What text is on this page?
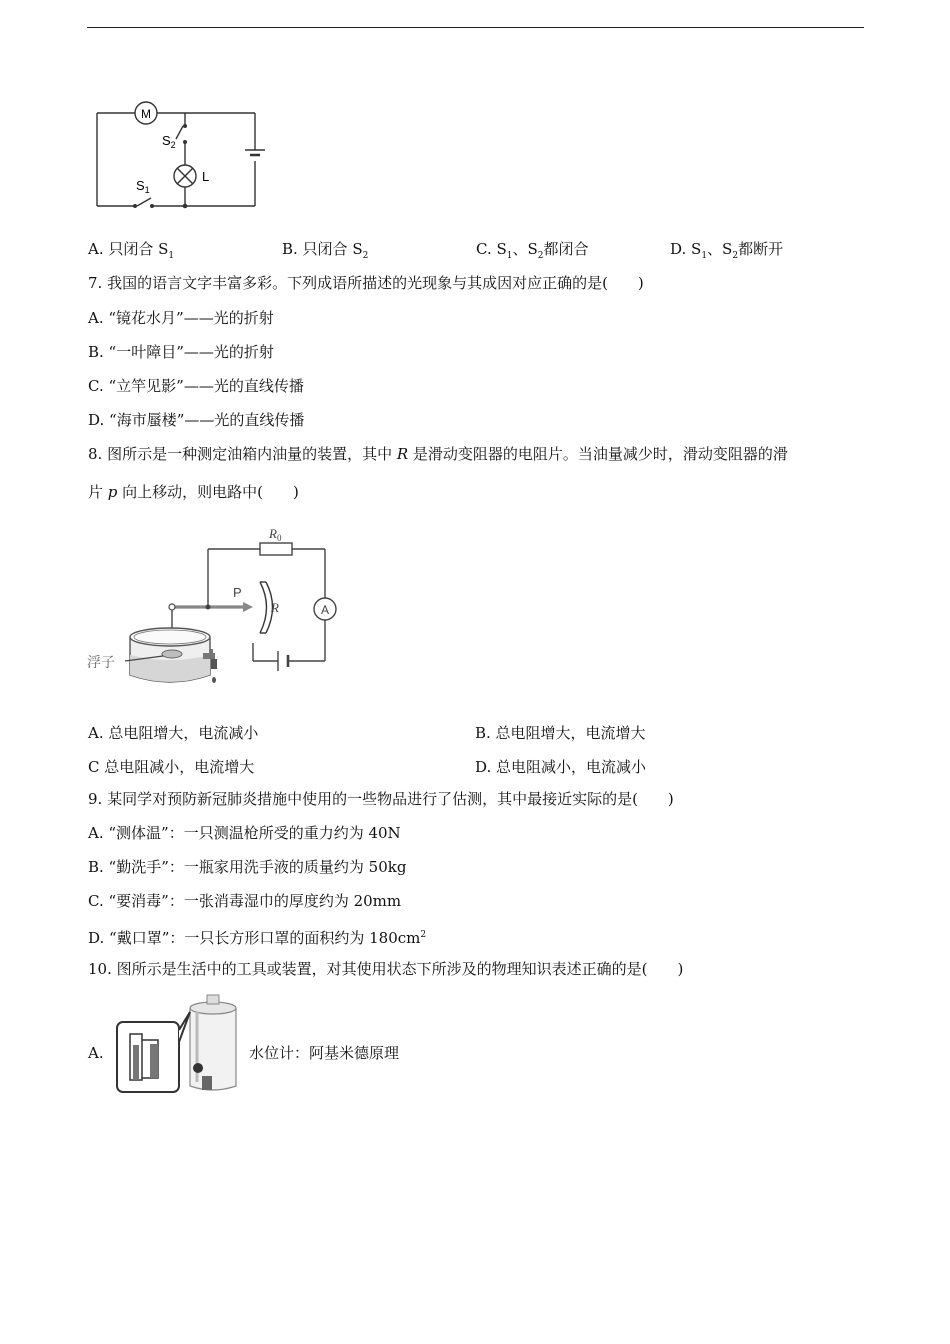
M
$S_2$
L
$S_1$
A. 只闭合 $S_1$	B. 只闭合 $S_2$	C. $S_1$、$S_2$都闭合	D. $S_1$、$S_2$都断开
7. 我国的语言文字丰富多彩。下列成语所描述的光现象与其成因对应正确的是(　　)
A. “镜花水月”——光的折射
B. “一叶障目”——光的折射
C. “立竿见影”——光的直线传播
D. “海市蜃楼”——光的直线传播
8. 图所示是一种测定油箱内油量的装置，其中 R 是滑动变阻器的电阻片。当油量减少时，滑动变阻器的滑
片 p 向上移动，则电路中(　　)
$R_0$
P
R	A
浮子
A. 总电阻增大，电流减小	B. 总电阻增大，电流增大
C 总电阻减小，电流增大	D. 总电阻减小，电流减小
9. 某同学对预防新冠肺炎措施中使用的一些物品进行了估测，其中最接近实际的是(　　)
A. “测体温”：一只测温枪所受的重力约为 40N
B. “勤洗手”：一瓶家用洗手液的质量约为 50kg
C. “要消毒”：一张消毒湿巾的厚度约为 20mm
D. “戴口罩”：一只长方形口罩的面积约为 $180cm^2$
10. 图所示是生活中的工具或装置，对其使用状态下所涉及的物理知识表述正确的是(　　)
A.	水位计：阿基米德原理
